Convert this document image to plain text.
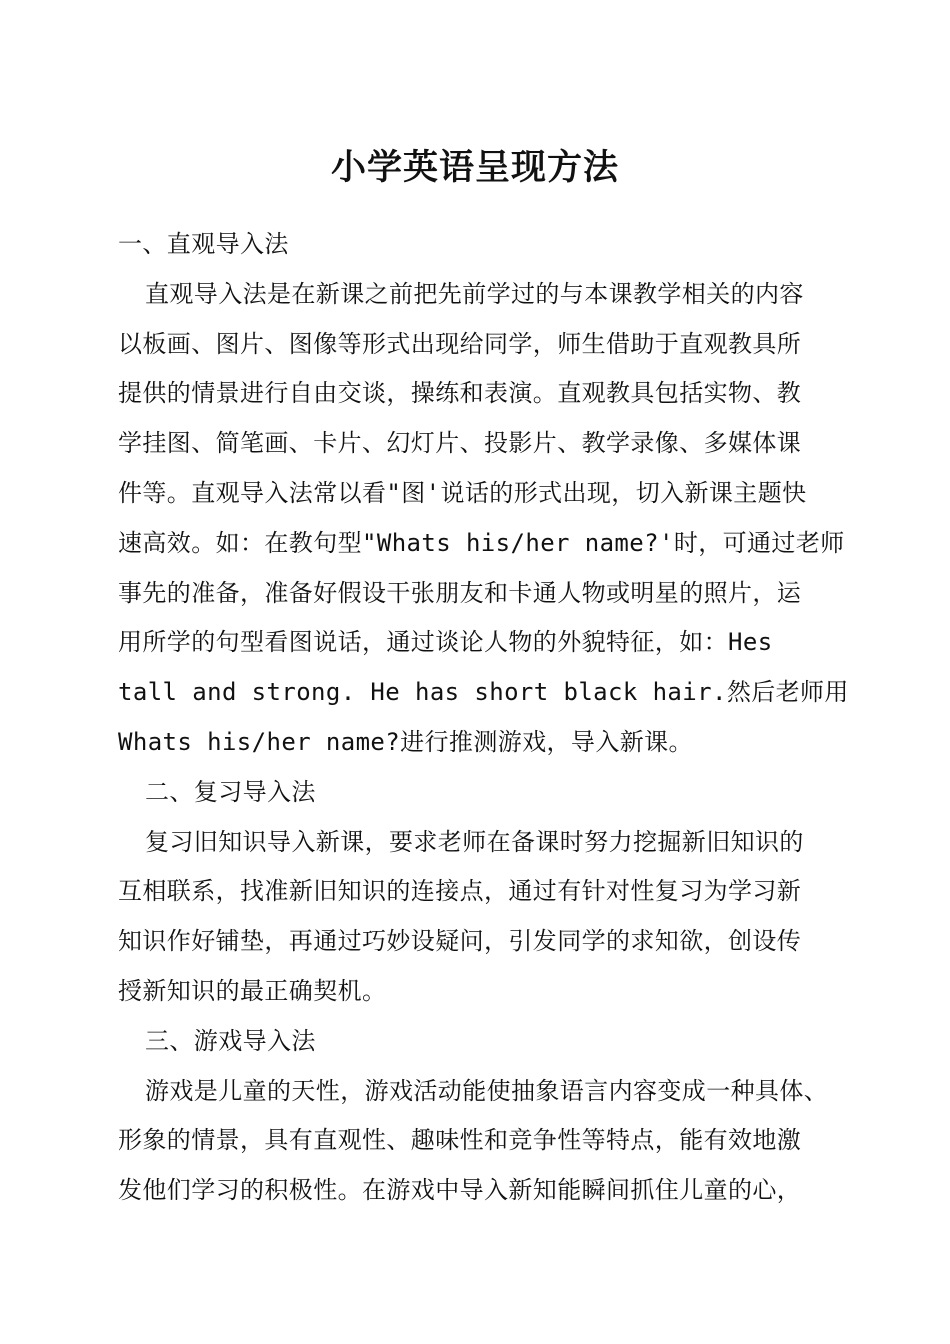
小学英语呈现方法
一、直观导入法
直观导入法是在新课之前把先前学过的与本课教学相关的内容
以板画、图片、图像等形式出现给同学，师生借助于直观教具所
提供的情景进行自由交谈，操练和表演。直观教具包括实物、教
学挂图、简笔画、卡片、幻灯片、投影片、教学录像、多媒体课
件等。直观导入法常以看"图'说话的形式出现，切入新课主题快
速高效。如：在教句型"Whats his/her name?'时，可通过老师
事先的准备，准备好假设干张朋友和卡通人物或明星的照片，运
用所学的句型看图说话，通过谈论人物的外貌特征，如：Hes
tall and strong. He has short black hair.然后老师用
Whats his/her name?进行推测游戏，导入新课。
二、复习导入法
复习旧知识导入新课，要求老师在备课时努力挖掘新旧知识的
互相联系，找准新旧知识的连接点，通过有针对性复习为学习新
知识作好铺垫，再通过巧妙设疑问，引发同学的求知欲，创设传
授新知识的最正确契机。
三、游戏导入法
游戏是儿童的天性，游戏活动能使抽象语言内容变成一种具体、
形象的情景，具有直观性、趣味性和竞争性等特点，能有效地激
发他们学习的积极性。在游戏中导入新知能瞬间抓住儿童的心，
